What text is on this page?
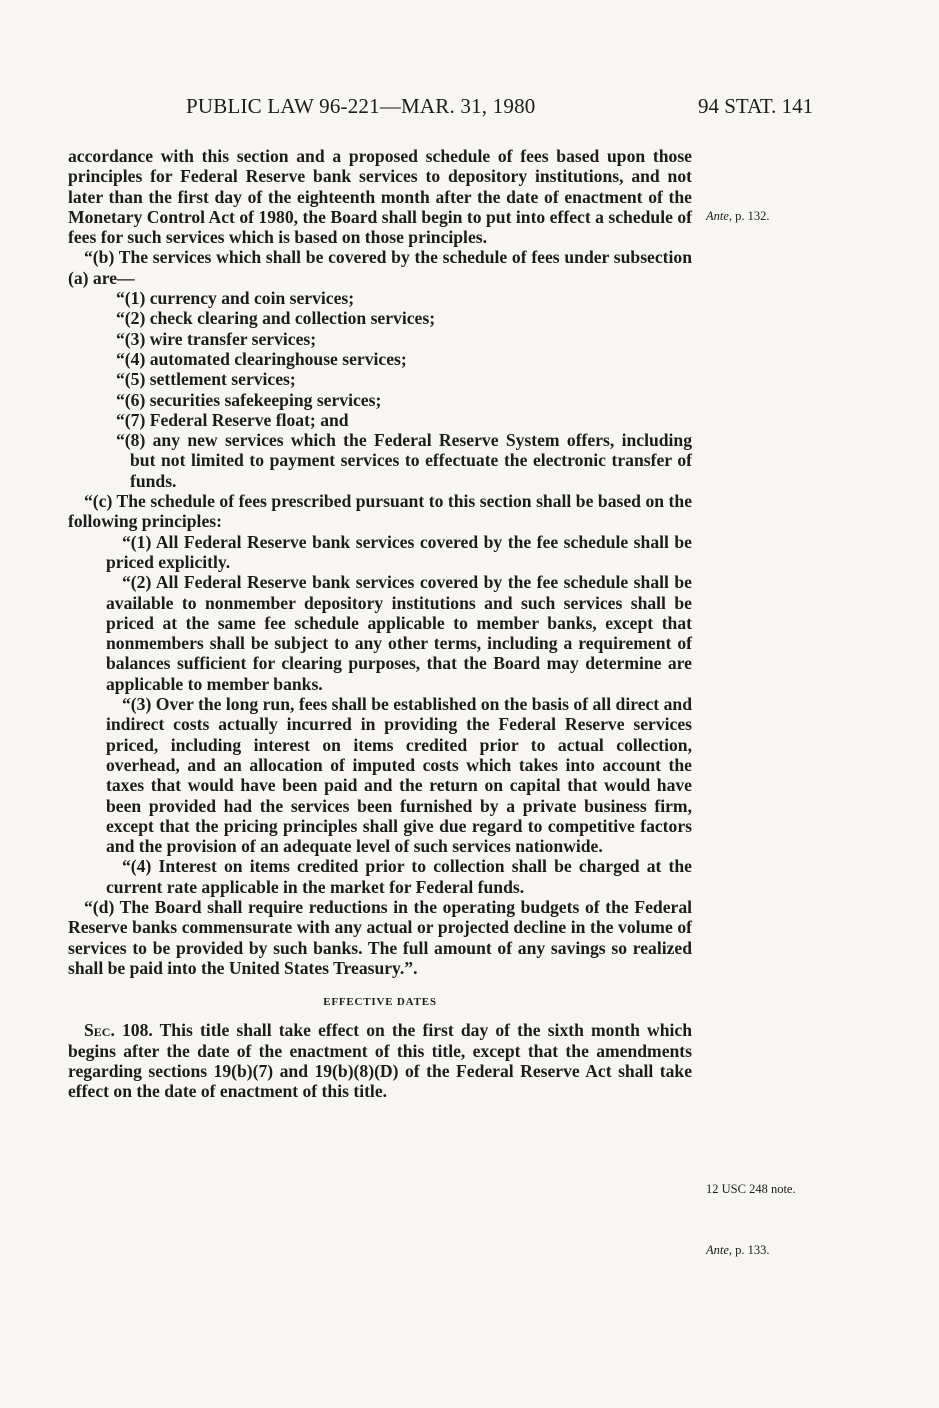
PUBLIC LAW 96-221—MAR. 31, 1980	94 STAT. 141

accordance with this section and a proposed schedule of fees based upon those principles for Federal Reserve bank services to depository institutions, and not later than the first day of the eighteenth month after the date of enactment of the Monetary Control Act of 1980, the Board shall begin to put into effect a schedule of fees for such services which is based on those principles.

“(b) The services which shall be covered by the schedule of fees under subsection (a) are—

“(1) currency and coin services;

“(2) check clearing and collection services;

“(3) wire transfer services;

“(4) automated clearinghouse services;

“(5) settlement services;

“(6) securities safekeeping services;

“(7) Federal Reserve float; and

“(8) any new services which the Federal Reserve System offers, including but not limited to payment services to effectuate the electronic transfer of funds.

“(c) The schedule of fees prescribed pursuant to this section shall be based on the following principles:

“(1) All Federal Reserve bank services covered by the fee schedule shall be priced explicitly.

“(2) All Federal Reserve bank services covered by the fee schedule shall be available to nonmember depository institutions and such services shall be priced at the same fee schedule applicable to member banks, except that nonmembers shall be subject to any other terms, including a requirement of balances sufficient for clearing purposes, that the Board may determine are applicable to member banks.

“(3) Over the long run, fees shall be established on the basis of all direct and indirect costs actually incurred in providing the Federal Reserve services priced, including interest on items credited prior to actual collection, overhead, and an allocation of imputed costs which takes into account the taxes that would have been paid and the return on capital that would have been provided had the services been furnished by a private business firm, except that the pricing principles shall give due regard to competitive factors and the provision of an adequate level of such services nationwide.

“(4) Interest on items credited prior to collection shall be charged at the current rate applicable in the market for Federal funds.

“(d) The Board shall require reductions in the operating budgets of the Federal Reserve banks commensurate with any actual or projected decline in the volume of services to be provided by such banks. The full amount of any savings so realized shall be paid into the United States Treasury.”.

EFFECTIVE DATES

Sec. 108. This title shall take effect on the first day of the sixth month which begins after the date of the enactment of this title, except that the amendments regarding sections 19(b)(7) and 19(b)(8)(D) of the Federal Reserve Act shall take effect on the date of enactment of this title.

Ante, p. 132.
12 USC 248 note.
Ante, p. 133.
